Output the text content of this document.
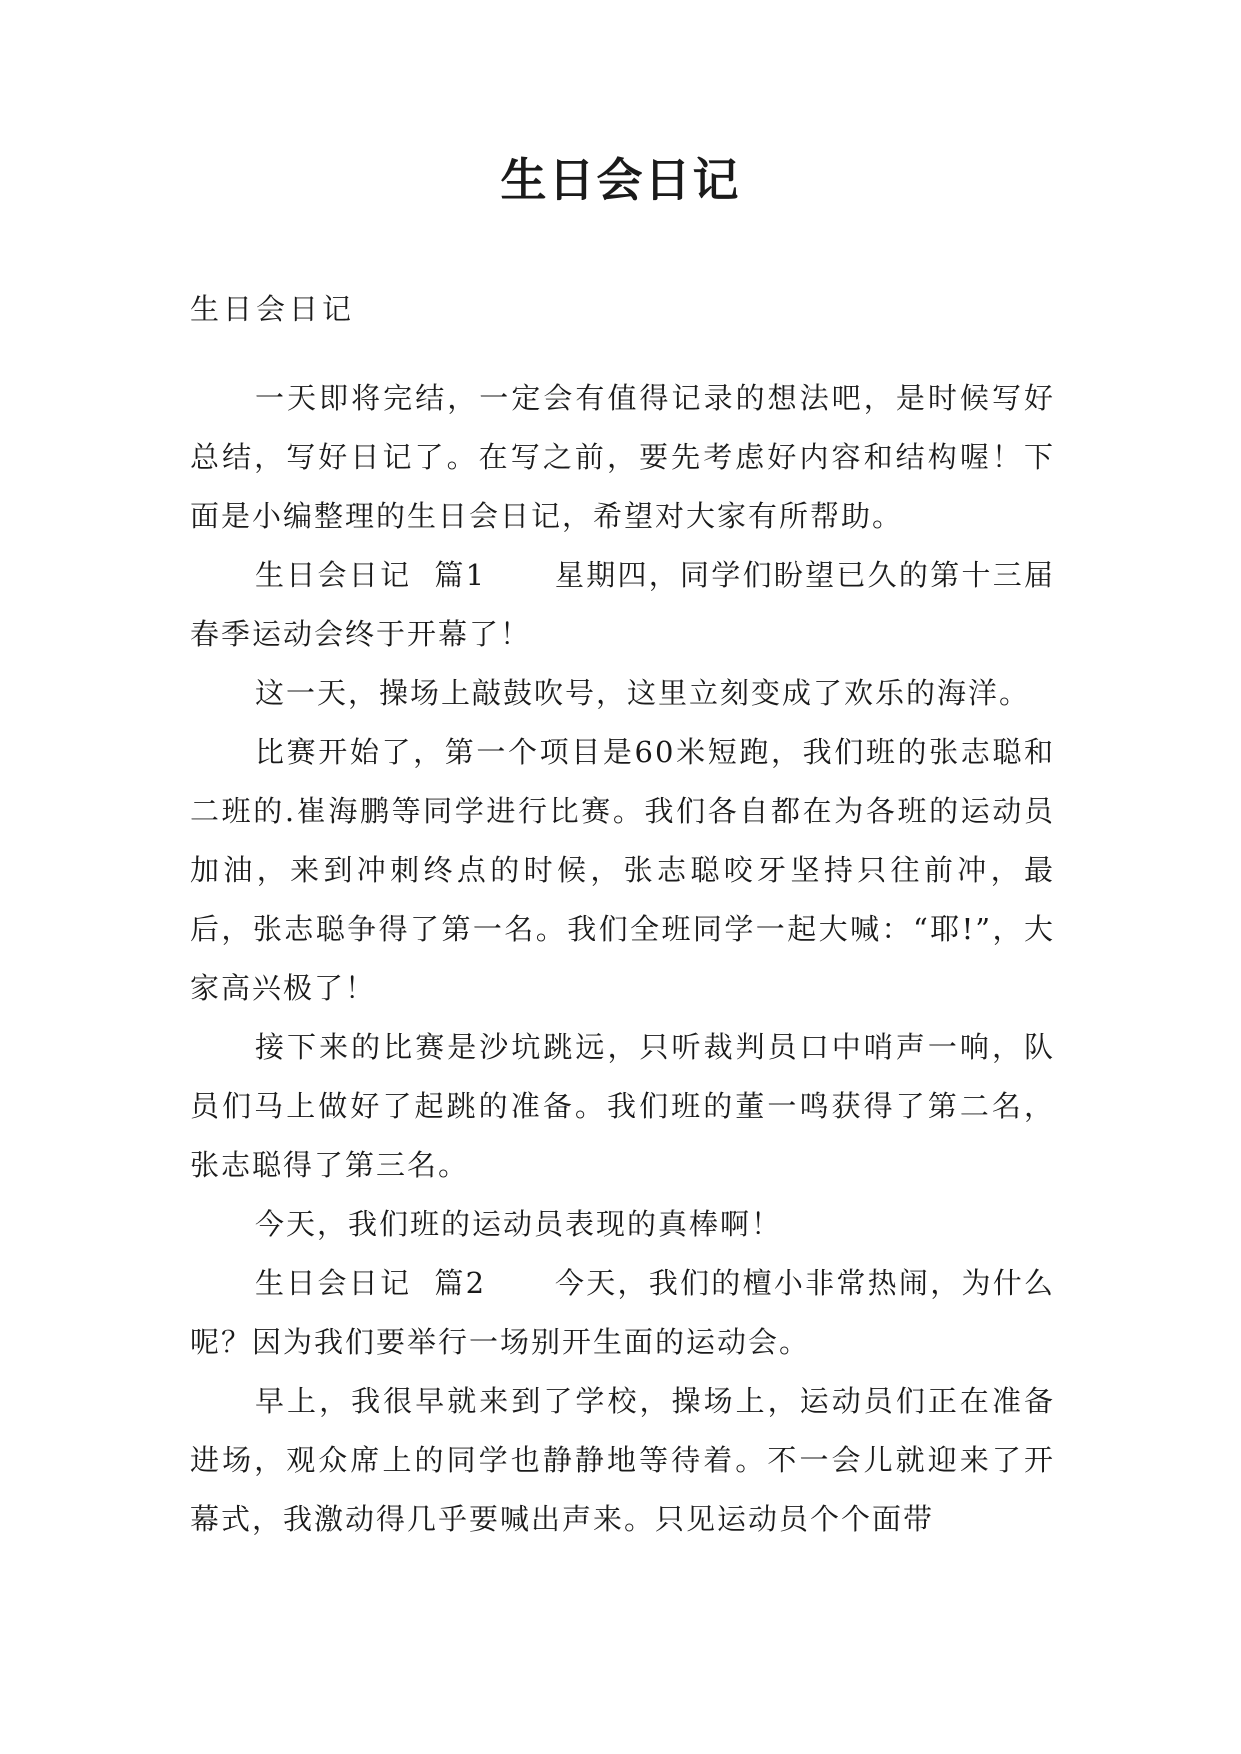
生日会日记

生日会日记

一天即将完结，一定会有值得记录的想法吧，是时候写好总结，写好日记了。在写之前，要先考虑好内容和结构喔！下面是小编整理的生日会日记，希望对大家有所帮助。

生日会日记  篇1      星期四，同学们盼望已久的第十三届春季运动会终于开幕了！

这一天，操场上敲鼓吹号，这里立刻变成了欢乐的海洋。

比赛开始了，第一个项目是60米短跑，我们班的张志聪和二班的.崔海鹏等同学进行比赛。我们各自都在为各班的运动员加油，来到冲刺终点的时候，张志聪咬牙坚持只往前冲，最后，张志聪争得了第一名。我们全班同学一起大喊：“耶!”，大家高兴极了！

接下来的比赛是沙坑跳远，只听裁判员口中哨声一响，队员们马上做好了起跳的准备。我们班的董一鸣获得了第二名，张志聪得了第三名。

今天，我们班的运动员表现的真棒啊！

生日会日记  篇2      今天，我们的檀小非常热闹，为什么呢？因为我们要举行一场别开生面的运动会。

早上，我很早就来到了学校，操场上，运动员们正在准备进场，观众席上的同学也静静地等待着。不一会儿就迎来了开幕式，我激动得几乎要喊出声来。只见运动员个个面带
